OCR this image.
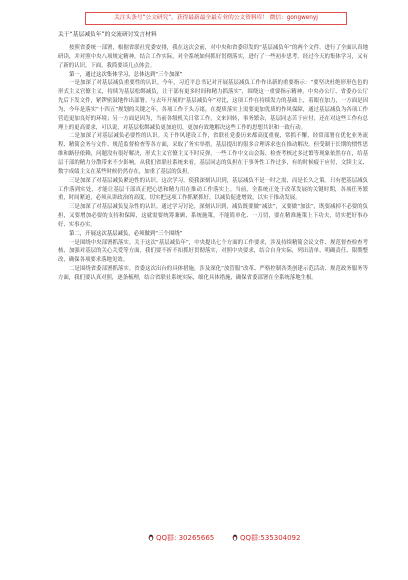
关注头条号“公文研究”，获得最新最全最专业的公文资料库！ 微信：gongwenyj
关于“基层减负年”的交流研讨发言材料

按照省委统一部署，根据省联社党委安排，我在这次会前，对中央和省委印发的“基层减负年”的两个文件，进行了全面认真地研读，并对照中央八项规定精神，结合工作实际，对全系统如何抓好贯彻落实，进行了一些初步思考。经过今天的集体学习，又有了新的认识。下面，我简要谈几点体会。

第一，通过这次集体学习，总体达到“三个加深”

一是加深了对基层减负重要性的认识。今年，习近平总书记对开展基层减负工作作出新的重要指示：“要坚决杜绝形形色色的形式主义官僚主义，持续为基层松绑减负，让干部有更多时间和精力抓落实”，围绕这一重要指示精神，中央办公厅、省委办公厅先后下发文件，紧锣密鼓地作出部署。与去年开展的“基层减负年”对比，这项工作在持续发力的基础上，着眼在加力，一方面是因为，今年是落实“十四五”规划的关键之年，各项工作千头万绪，在提质落实上需要更加优质的作风保障，通过基层减负为各项工作营造更加良好的环境；另一方面是因为，当前各级机关日常工作，文来回转，事务繁杂，基层同志苦于应付，还在对这些工作有总理上的更高要求，可以说，对基层松绑减负更加迫切，更加有效地解决这些工作的思想共识和一致行动。

二是加深了对基层减负必要性的认识。关于作风建设工作，省联社党委历来都高度重视，常抓不懈，经常部署在优化业务流程、精简会务与文件、规范监督检查等各方面，采取了务实举措，基层提出的很多合理诉求也在推动解决。但受制于长期的惯性思维和路径依赖，问题没有很好解决，形式主义官僚主义不时反弹，一些工作中文山会海、检查考核过多过繁等现象依然存在，给基层干部的精力分散带来不少影响。从我们省联社系统来看，基层同志的负担在于事务性工作过多，有的时候疲于应付，文牍主义、数字成绩主义在某些时候仍然存在，加重了基层的负担。

三是加深了对基层减负紧迫性的认识。这次学习，使我深刻认识到，基层减负不是一时之需，而是长久之策。只有把基层减负工作落到实处，才能让基层干部真正把心思和精力用在推动工作落实上。当前，全系统正处于改革发展的关键时期，各项任务繁重，时间紧迫，必须从讲政治的高度，切实把这项工作抓紧抓好，以减负促进增效，以实干推动发展。

三是加深了对基层减负复杂性的认识。通过学习讨论，深刻认识到，减负既要做“减法”，又要做“加法”，既要减掉不必要的负担，又要增加必要的支持和保障，这就需要统筹兼顾、系统施策，不能简单化、一刀切，要在精准施策上下功夫，切实把好事办好、实事办实。

第二，开展这次基层减负，必须做到“三个围绕”

一是围绕中央部署抓落实。关于这次“基层减负年”，中央提出七个方面的工作要求，涉及持续精简会议文件、规范督查检查考核、加强对基层的关心关爱等方面，我们要不折不扣抓好贯彻落实，对照中央要求，结合自身实际，列出清单、明确责任、限期整改，确保各项要求落地见效。

二是围绕省委部署抓落实。省委这次出台的具体措施，涉及深化“放管服”改革、严格控制各类创建示范活动、规范政务服务等方面，我们要认真对照，逐条梳理，结合省联社系统实际，细化具体措施，确保省委部署在全系统落地生根。

QQ群: 30265665	QQ群:535304092
